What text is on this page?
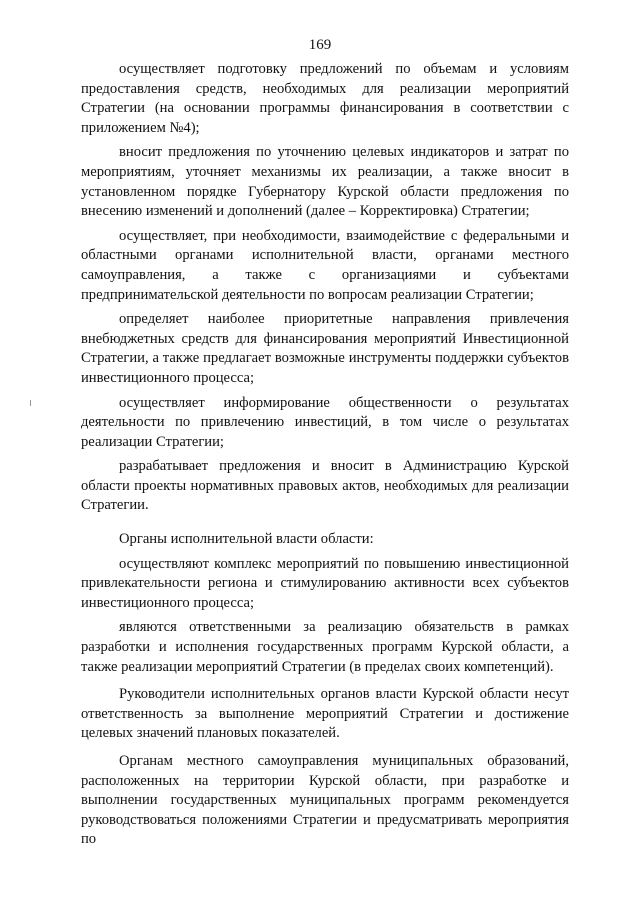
169

осуществляет подготовку предложений по объемам и условиям предоставления средств, необходимых для реализации мероприятий Стратегии (на основании программы финансирования в соответствии с приложением №4);

вносит предложения по уточнению целевых индикаторов и затрат по мероприятиям, уточняет механизмы их реализации, а также вносит в установленном порядке Губернатору Курской области предложения по внесению изменений и дополнений (далее – Корректировка) Стратегии;

осуществляет, при необходимости, взаимодействие с федеральными и областными органами исполнительной власти, органами местного самоуправления, а также с организациями и субъектами предпринимательской деятельности по вопросам реализации Стратегии;

определяет наиболее приоритетные направления привлечения внебюджетных средств для финансирования мероприятий Инвестиционной Стратегии, а также предлагает возможные инструменты поддержки субъектов инвестиционного процесса;

осуществляет информирование общественности о результатах деятельности по привлечению инвестиций, в том числе о результатах реализации Стратегии;

разрабатывает предложения и вносит в Администрацию Курской области проекты нормативных правовых актов, необходимых для реализации Стратегии.

Органы исполнительной власти области:

осуществляют комплекс мероприятий по повышению инвестиционной привлекательности региона и стимулированию активности всех субъектов инвестиционного процесса;

являются ответственными за реализацию обязательств в рамках разработки и исполнения государственных программ Курской области, а также реализации мероприятий Стратегии (в пределах своих компетенций).

Руководители исполнительных органов власти Курской области несут ответственность за выполнение мероприятий Стратегии и достижение целевых значений плановых показателей.

Органам местного самоуправления муниципальных образований, расположенных на территории Курской области, при разработке и выполнении государственных муниципальных программ рекомендуется руководствоваться положениями Стратегии и предусматривать мероприятия по
